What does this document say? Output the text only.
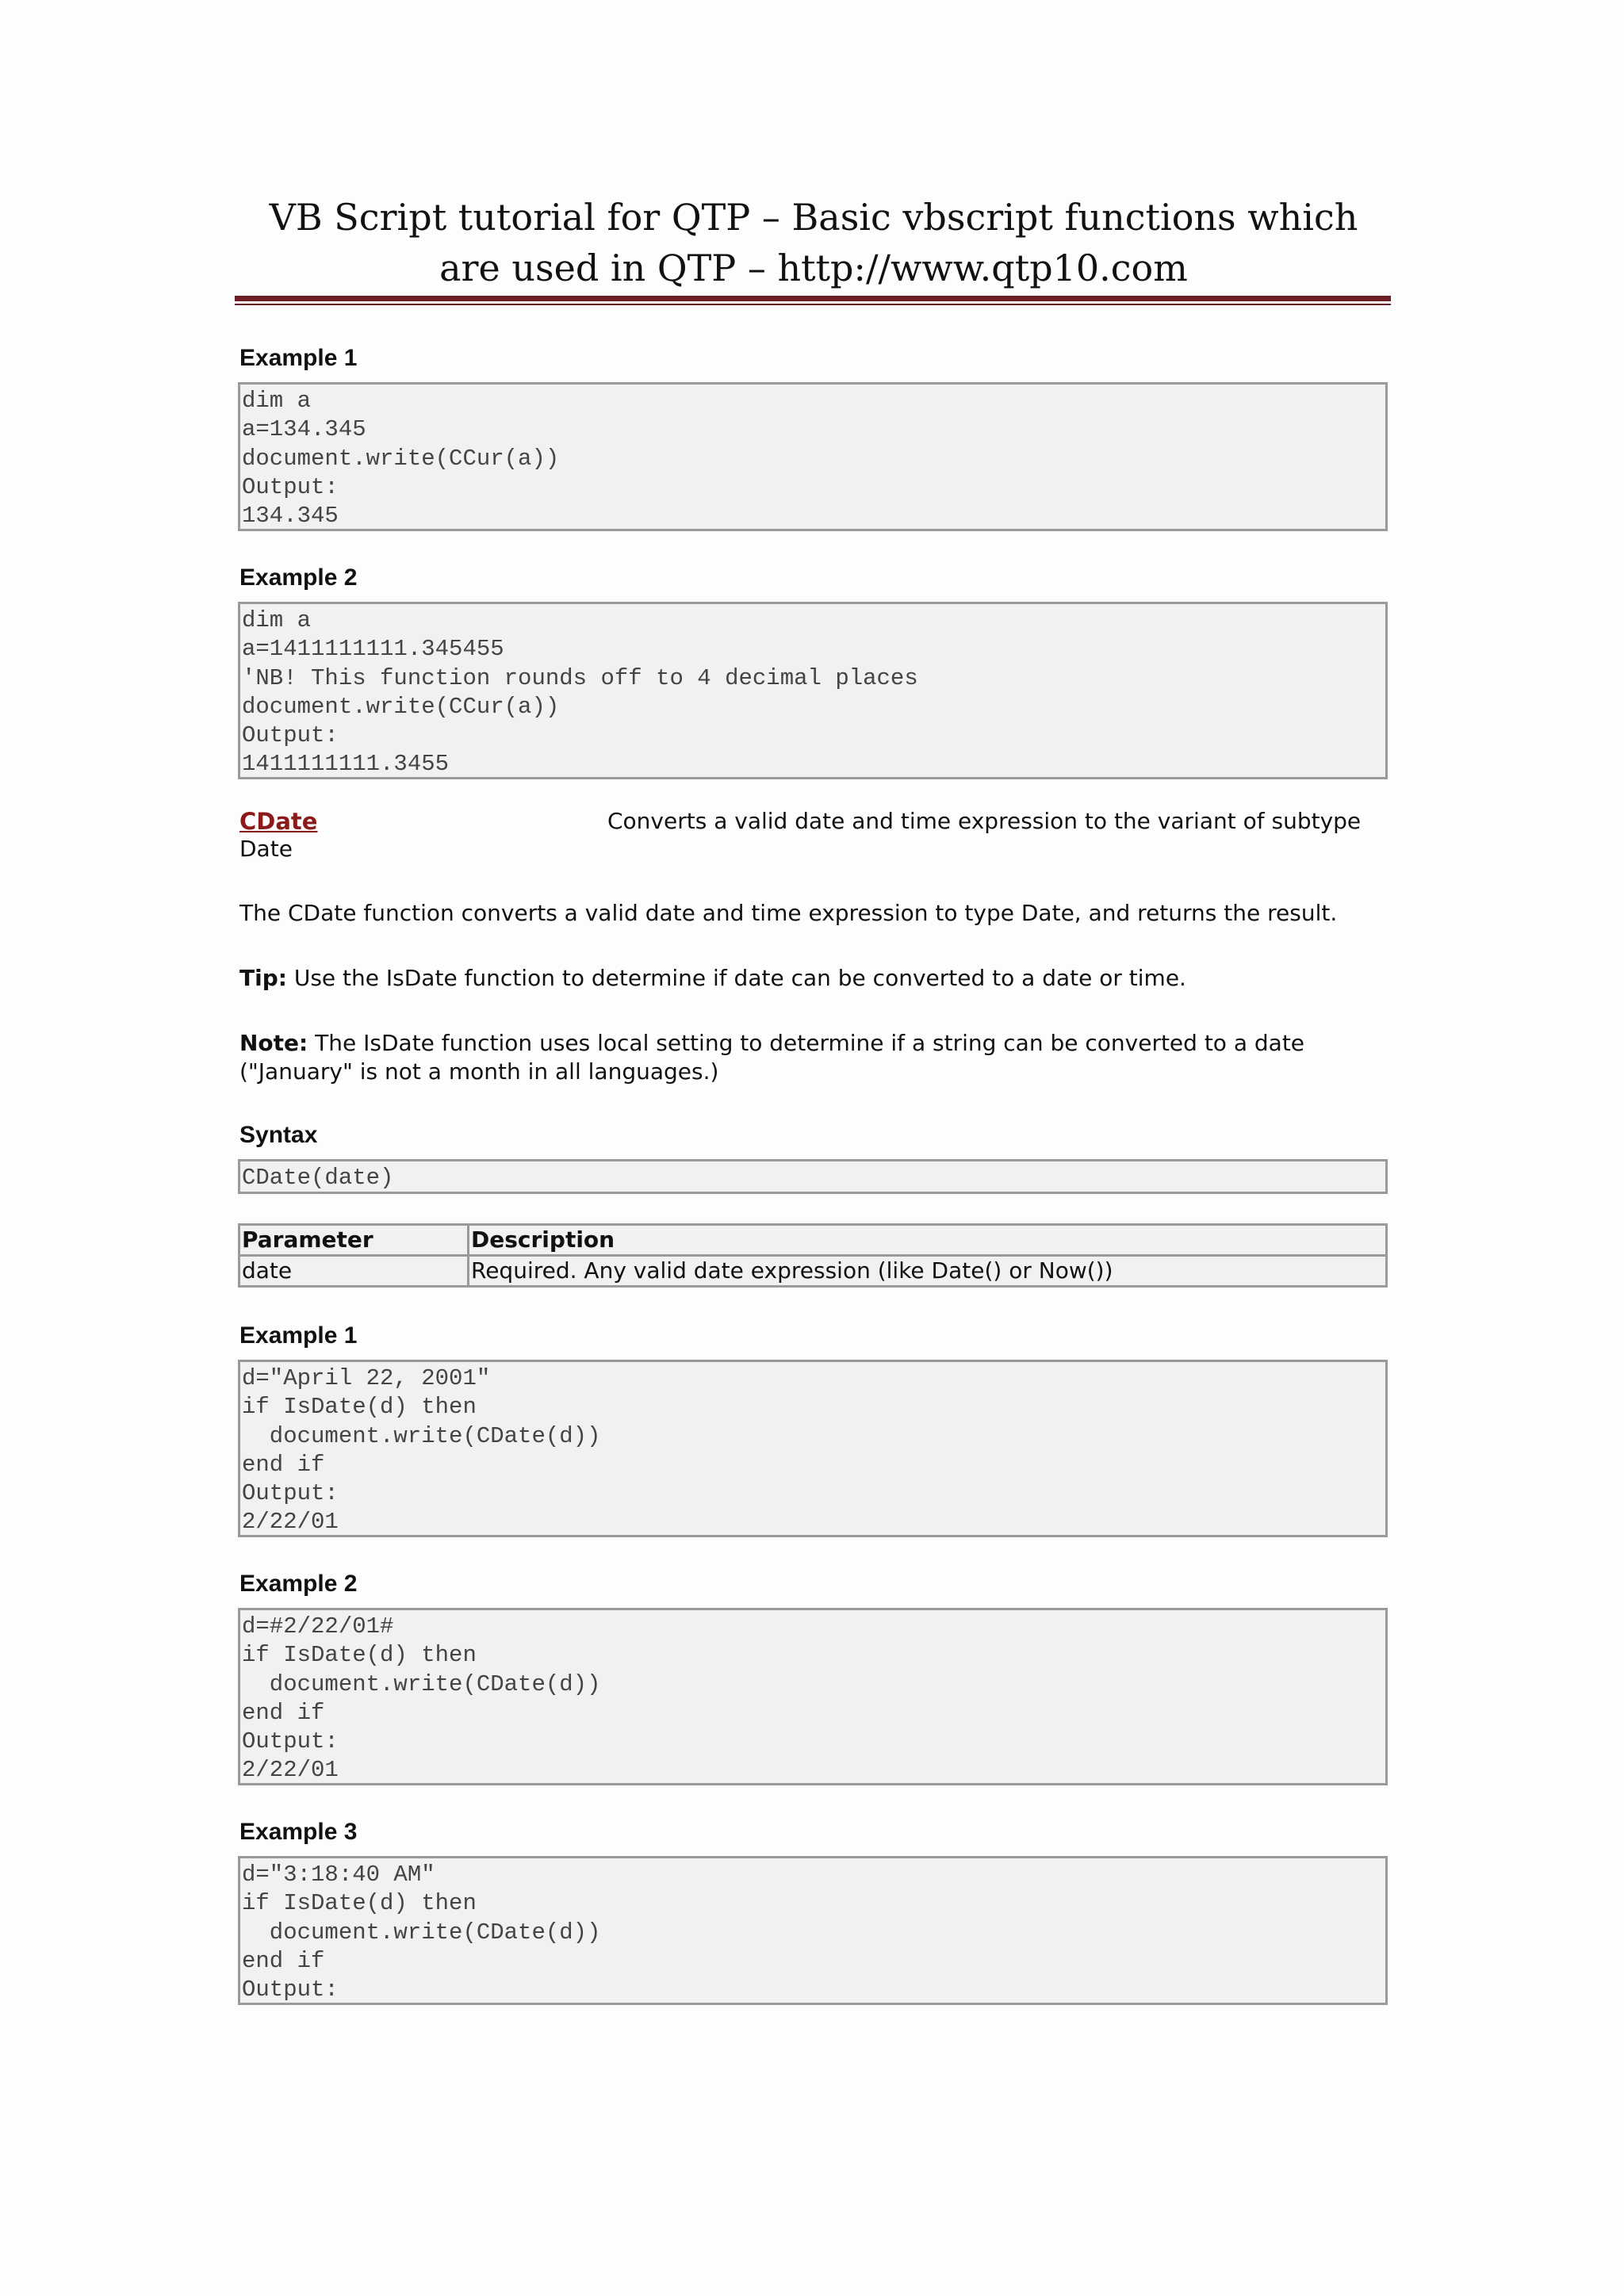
VB Script tutorial for QTP – Basic vbscript functions which are used in QTP – http://www.qtp10.com
Example 1
dim a
a=134.345
document.write(CCur(a))
Output:
134.345
Example 2
dim a
a=1411111111.345455
'NB! This function rounds off to 4 decimal places
document.write(CCur(a))
Output:
1411111111.3455
CDate	Converts a valid date and time expression to the variant of subtype
Date
The CDate function converts a valid date and time expression to type Date, and returns the result.
Tip: Use the IsDate function to determine if date can be converted to a date or time.
Note: The IsDate function uses local setting to determine if a string can be converted to a date ("January" is not a month in all languages.)
Syntax
CDate(date)
Parameter	Description
date	Required. Any valid date expression (like Date() or Now())
Example 1
d="April 22, 2001"
if IsDate(d) then
document.write(CDate(d))
end if
Output:
2/22/01
Example 2
d=#2/22/01#
if IsDate(d) then
document.write(CDate(d))
end if
Output:
2/22/01
Example 3
d="3:18:40 AM"
if IsDate(d) then
document.write(CDate(d))
end if
Output:
